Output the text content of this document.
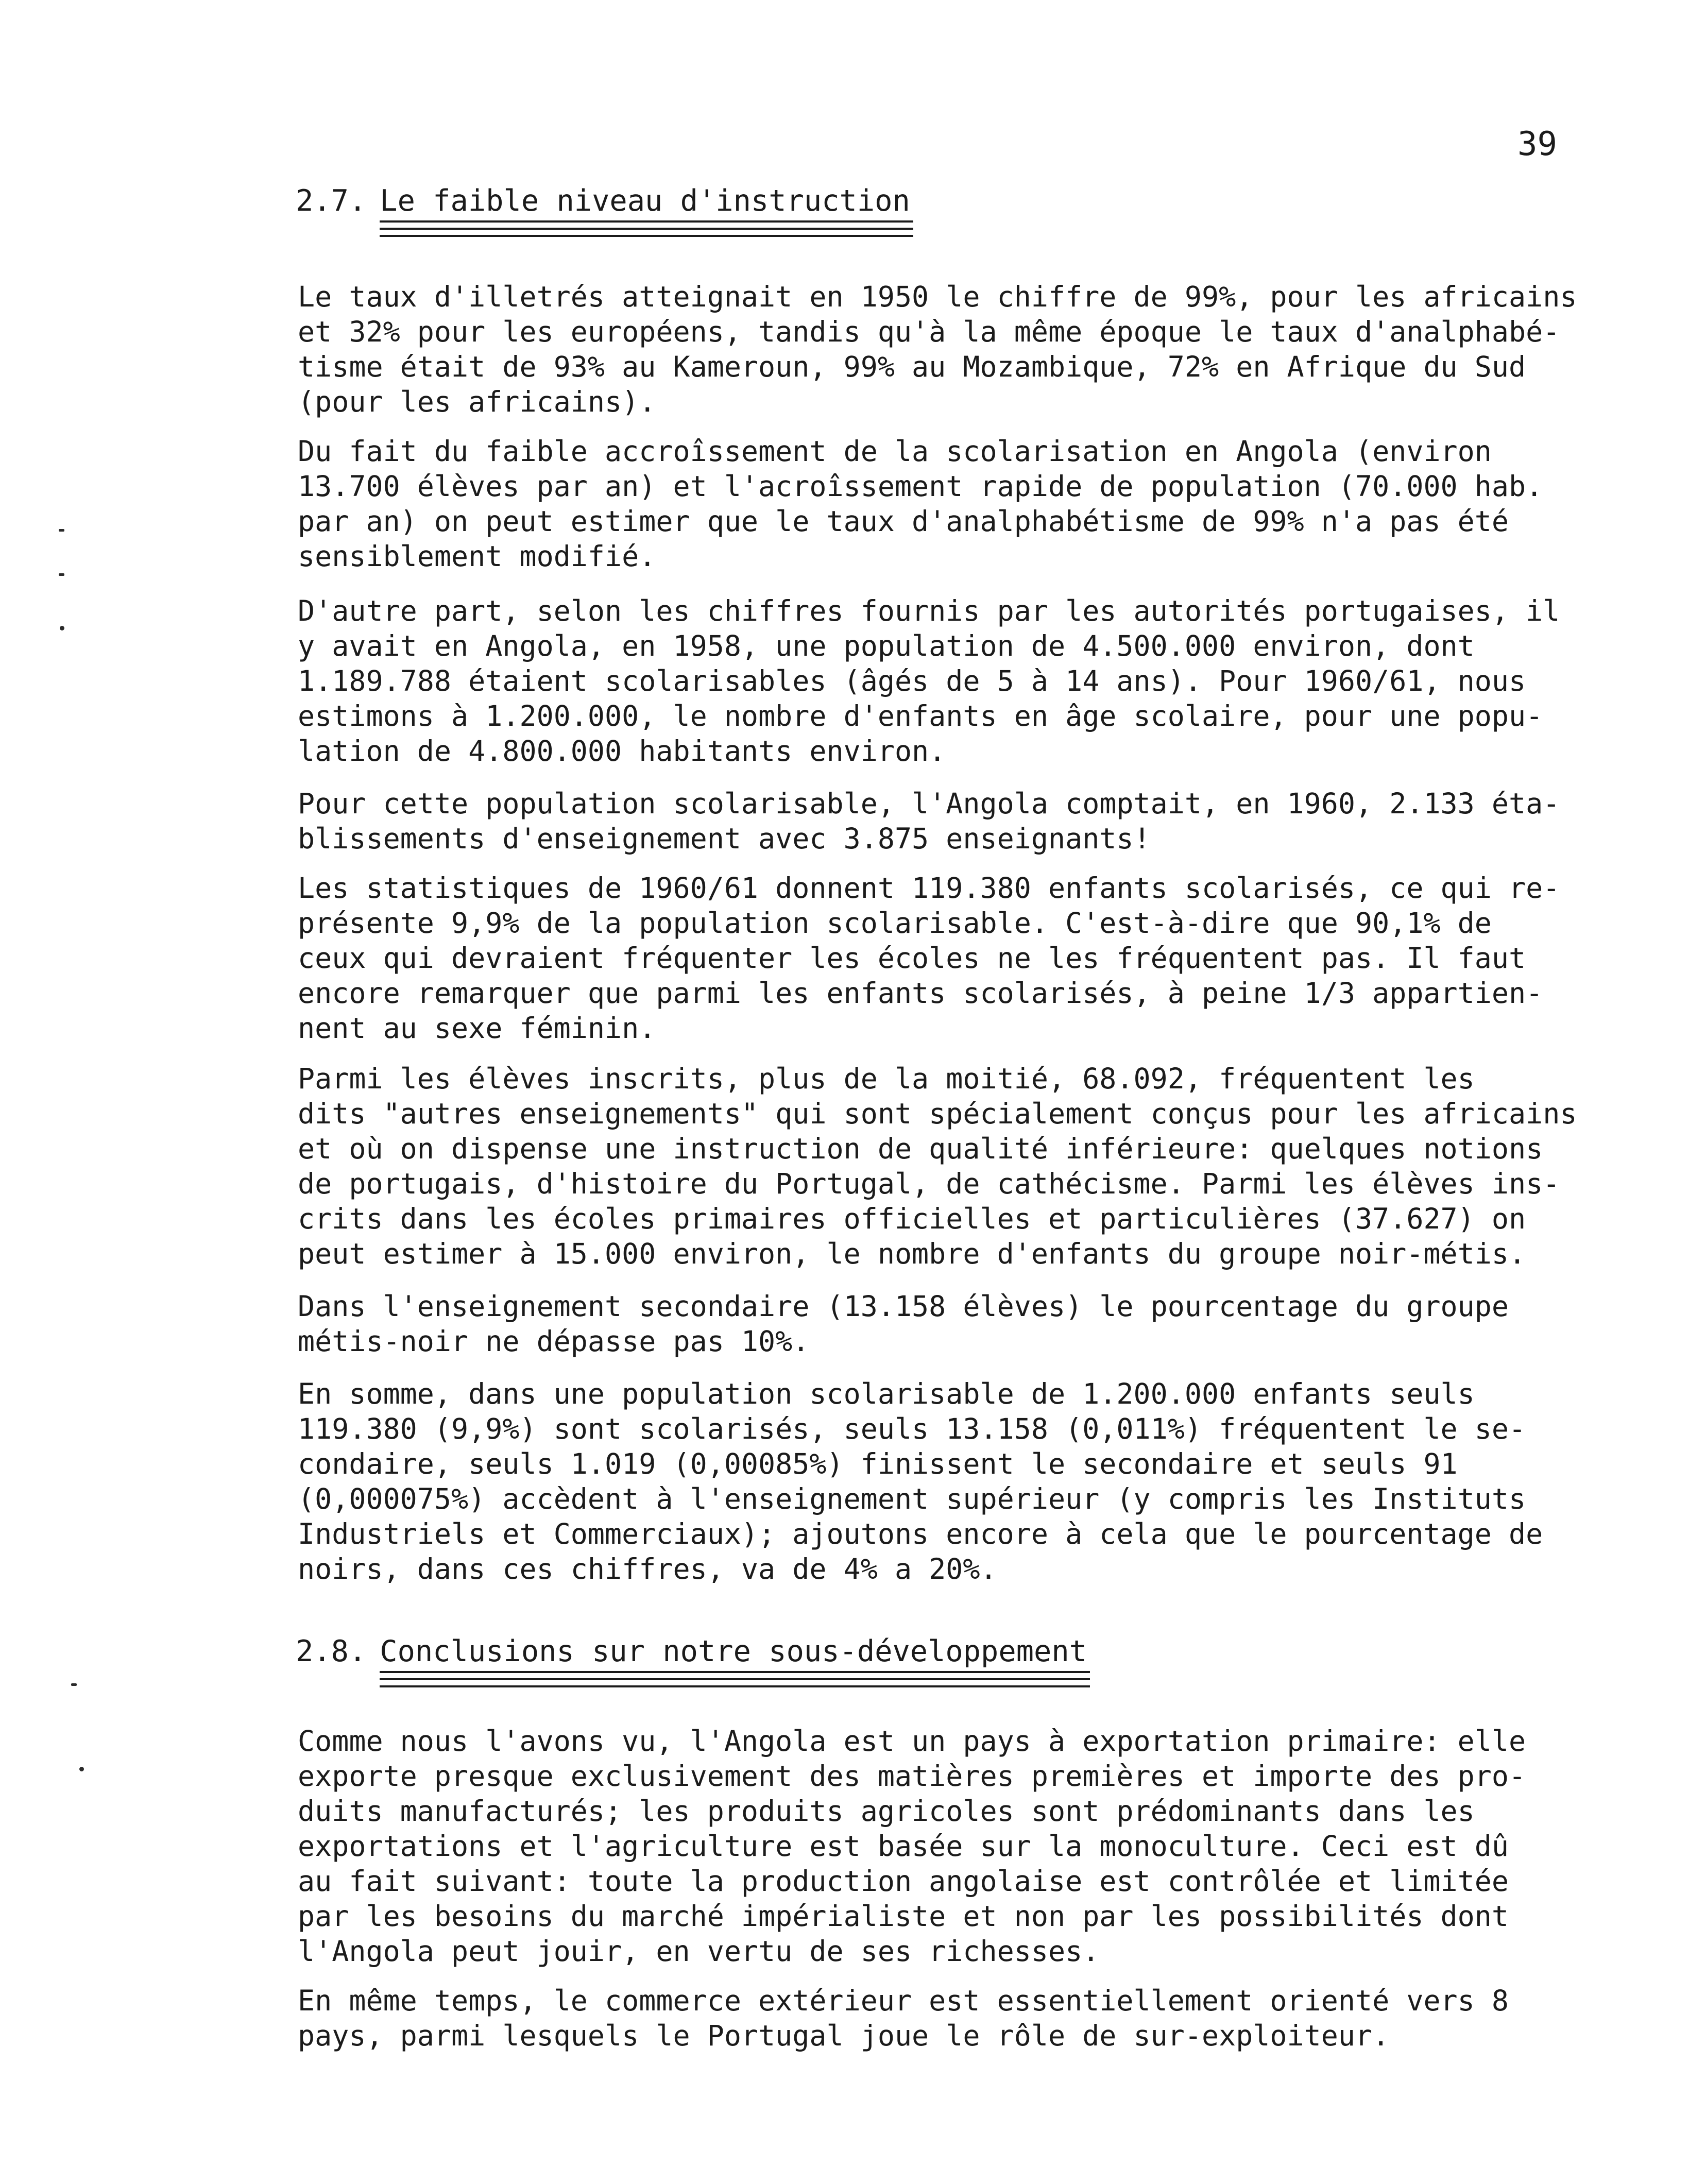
39
2.7. Le faible niveau d'instruction
Le taux d'illetrés atteignait en 1950 le chiffre de 99%, pour les africains
et 32% pour les européens, tandis qu'à la même époque le taux d'analphabé-
tisme était de 93% au Kameroun, 99% au Mozambique, 72% en Afrique du Sud
(pour les africains).
Du fait du faible accroîssement de la scolarisation en Angola (environ
13.700 élèves par an) et l'acroîssement rapide de population (70.000 hab.
par an) on peut estimer que le taux d'analphabétisme de 99% n'a pas été
sensiblement modifié.
D'autre part, selon les chiffres fournis par les autorités portugaises, il
y avait en Angola, en 1958, une population de 4.500.000 environ, dont
1.189.788 étaient scolarisables (âgés de 5 à 14 ans). Pour 1960/61, nous
estimons à 1.200.000, le nombre d'enfants en âge scolaire, pour une popu-
lation de 4.800.000 habitants environ.
Pour cette population scolarisable, l'Angola comptait, en 1960, 2.133 éta-
blissements d'enseignement avec 3.875 enseignants!
Les statistiques de 1960/61 donnent 119.380 enfants scolarisés, ce qui re-
présente 9,9% de la population scolarisable. C'est-à-dire que 90,1% de
ceux qui devraient fréquenter les écoles ne les fréquentent pas. Il faut
encore remarquer que parmi les enfants scolarisés, à peine 1/3 appartien-
nent au sexe féminin.
Parmi les élèves inscrits, plus de la moitié, 68.092, fréquentent les
dits "autres enseignements" qui sont spécialement conçus pour les africains
et où on dispense une instruction de qualité inférieure: quelques notions
de portugais, d'histoire du Portugal, de cathécisme. Parmi les élèves ins-
crits dans les écoles primaires officielles et particulières (37.627) on
peut estimer à 15.000 environ, le nombre d'enfants du groupe noir-métis.
Dans l'enseignement secondaire (13.158 élèves) le pourcentage du groupe
métis-noir ne dépasse pas 10%.
En somme, dans une population scolarisable de 1.200.000 enfants seuls
119.380 (9,9%) sont scolarisés, seuls 13.158 (0,011%) fréquentent le se-
condaire, seuls 1.019 (0,00085%) finissent le secondaire et seuls 91
(0,000075%) accèdent à l'enseignement supérieur (y compris les Instituts
Industriels et Commerciaux); ajoutons encore à cela que le pourcentage de
noirs, dans ces chiffres, va de 4% a 20%.
2.8. Conclusions sur notre sous-développement
Comme nous l'avons vu, l'Angola est un pays à exportation primaire: elle
exporte presque exclusivement des matières premières et importe des pro-
duits manufacturés; les produits agricoles sont prédominants dans les
exportations et l'agriculture est basée sur la monoculture. Ceci est dû
au fait suivant: toute la production angolaise est contrôlée et limitée
par les besoins du marché impérialiste et non par les possibilités dont
l'Angola peut jouir, en vertu de ses richesses.
En même temps, le commerce extérieur est essentiellement orienté vers 8
pays, parmi lesquels le Portugal joue le rôle de sur-exploiteur.
